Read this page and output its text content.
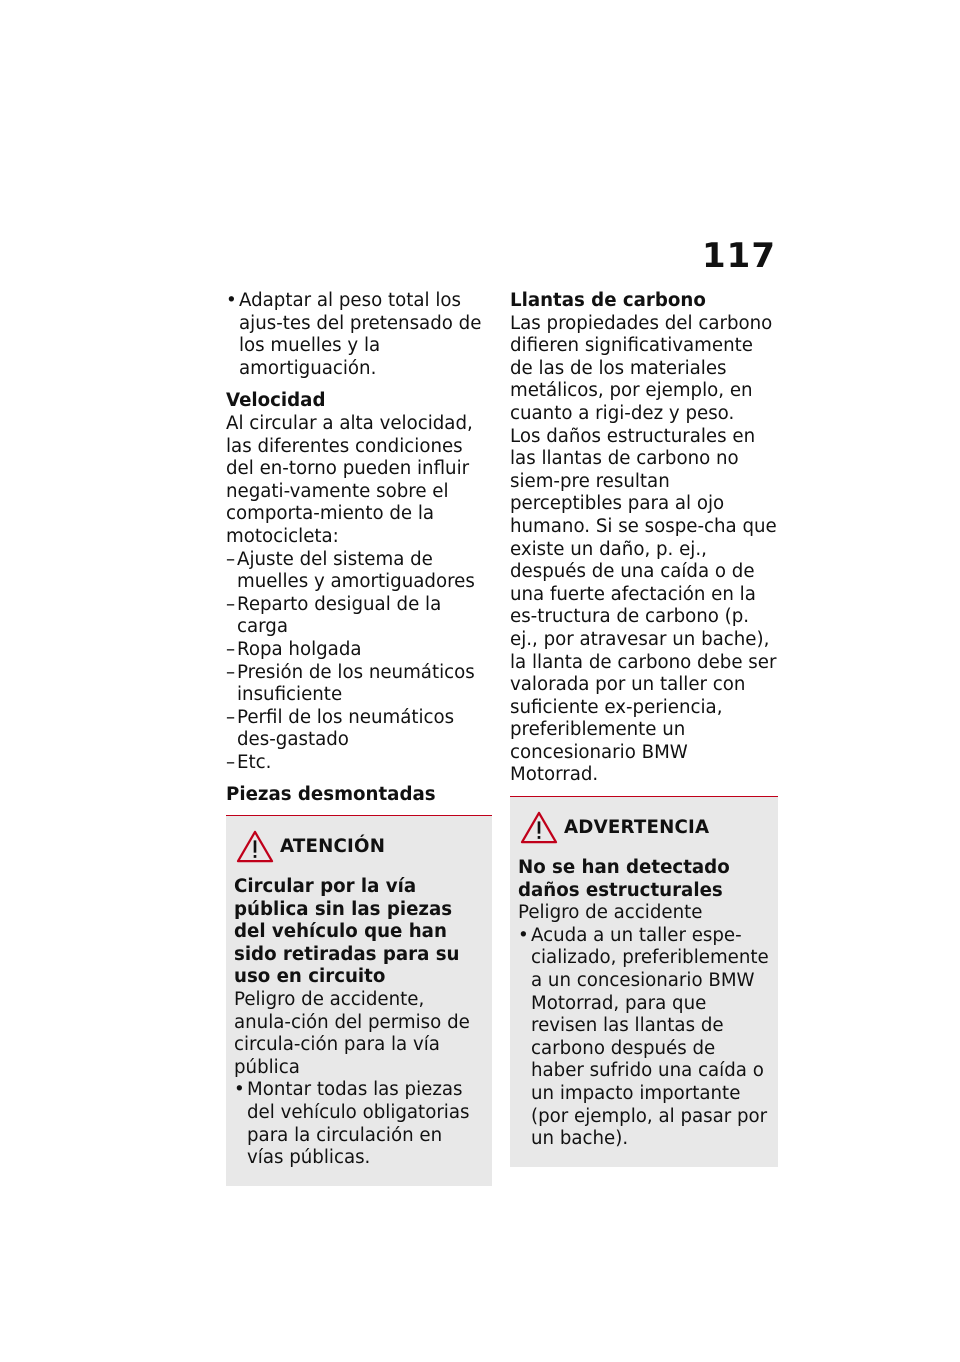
117
• Adaptar al peso total los ajus-tes del pretensado de los muelles y la amortiguación.

Velocidad

Al circular a alta velocidad, las diferentes condiciones del en-torno pueden influir negati-vamente sobre el comporta-miento de la motocicleta:

– Ajuste del sistema de muelles y amortiguadores
– Reparto desigual de la carga
– Ropa holgada
– Presión de los neumáticos insuficiente
– Perfil de los neumáticos des-gastado
– Etc.

Piezas desmontadas

ATENCIÓN

Circular por la vía pública sin las piezas del vehículo que han sido retiradas para su uso en circuito

Peligro de accidente, anula-ción del permiso de circula-ción para la vía pública

• Montar todas las piezas del vehículo obligatorias para la circulación en vías públicas.

Llantas de carbono

Las propiedades del carbono difieren significativamente de las de los materiales metálicos, por ejemplo, en cuanto a rigi-dez y peso.

Los daños estructurales en las llantas de carbono no siem-pre resultan perceptibles para al ojo humano. Si se sospe-cha que existe un daño, p. ej., después de una caída o de una fuerte afectación en la es-tructura de carbono (p. ej., por atravesar un bache), la llanta de carbono debe ser valorada por un taller con suficiente ex-periencia, preferiblemente un concesionario BMW Motorrad.

ADVERTENCIA

No se han detectado daños estructurales

Peligro de accidente

• Acuda a un taller espe-cializado, preferiblemente a un concesionario BMW Motorrad, para que revisen las llantas de carbono después de haber sufrido una caída o un impacto importante (por ejemplo, al pasar por un bache).
